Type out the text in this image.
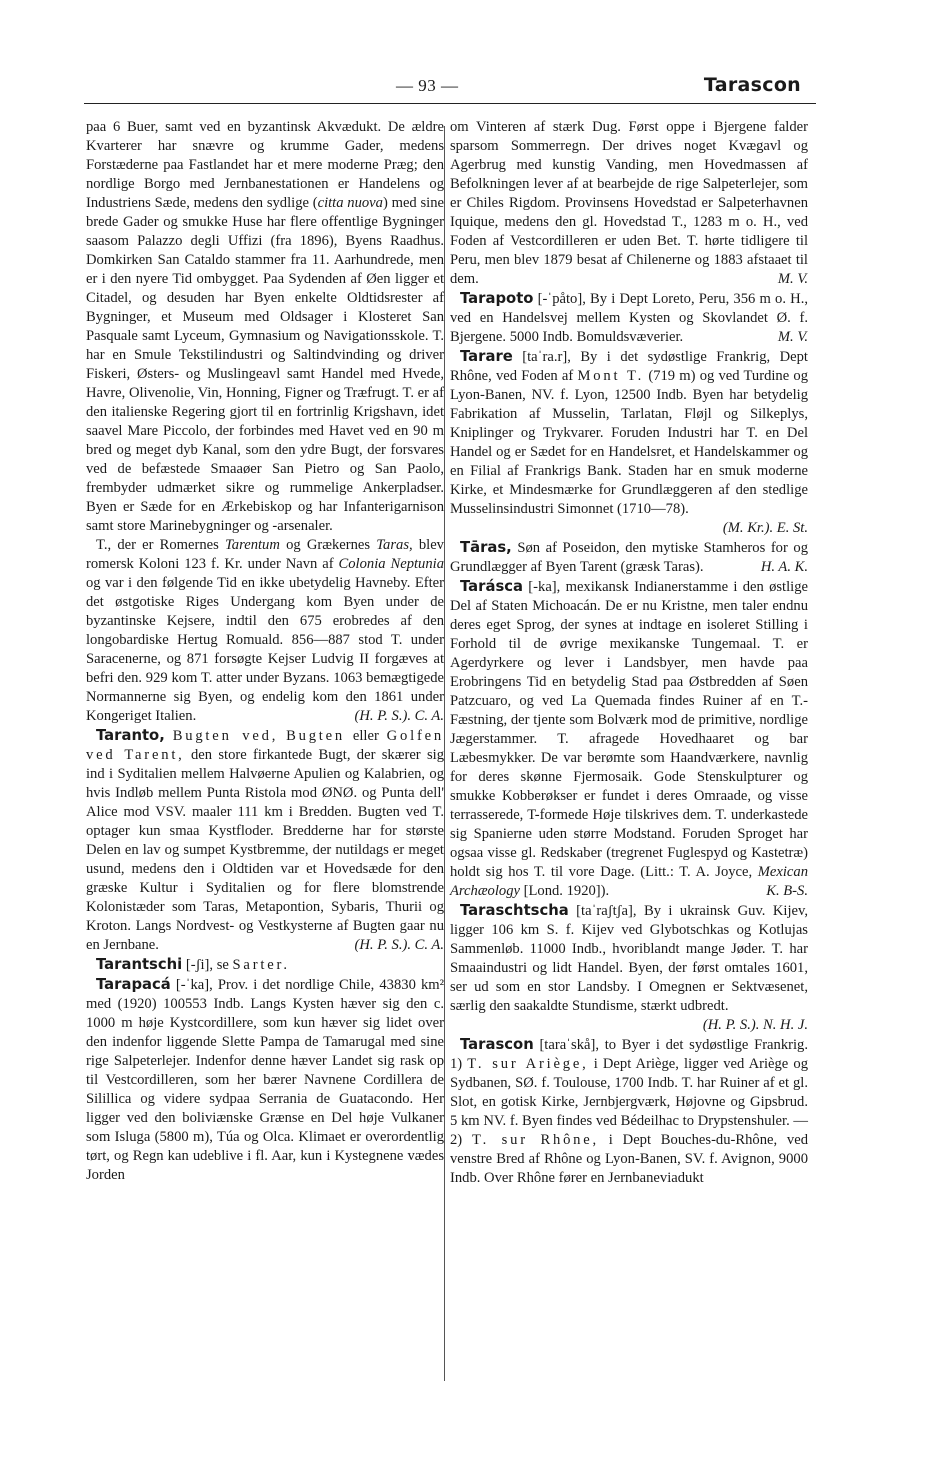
— 93 —	Tarascon

paa 6 Buer, samt ved en byzantinsk Akvædukt. De ældre Kvarterer har snævre og krumme Gader, medens Forstæderne paa Fastlandet har et mere moderne Præg; den nordlige Borgo med Jernbanestationen er Handelens og Industriens Sæde, medens den sydlige (citta nuova) med sine brede Gader og smukke Huse har flere offentlige Bygninger saasom Palazzo degli Uffizi (fra 1896), Byens Raadhus. Domkirken San Cataldo stammer fra 11. Aarhundrede, men er i den nyere Tid ombygget. Paa Sydenden af Øen ligger et Citadel, og desuden har Byen enkelte Oldtidsrester af Bygninger, et Museum med Oldsager i Klosteret San Pasquale samt Lyceum, Gymnasium og Navigationsskole. T. har en Smule Tekstilindustri og Saltindvinding og driver Fiskeri, Østers- og Muslingeavl samt Handel med Hvede, Havre, Olivenolie, Vin, Honning, Figner og Træfrugt. T. er af den italienske Regering gjort til en fortrinlig Krigshavn, idet saavel Mare Piccolo, der forbindes med Havet ved en 90 m bred og meget dyb Kanal, som den ydre Bugt, der forsvares ved de befæstede Smaaøer San Pietro og San Paolo, frembyder udmærket sikre og rummelige Ankerpladser. Byen er Sæde for en Ærkebiskop og har Infanterigarnison samt store Marinebygninger og -arsenaler.

T., der er Romernes Tarentum og Grækernes Taras, blev romersk Koloni 123 f. Kr. under Navn af Colonia Neptunia og var i den følgende Tid en ikke ubetydelig Havneby. Efter det østgotiske Riges Undergang kom Byen under de byzantinske Kejsere, indtil den 675 erobredes af den longobardiske Hertug Romuald. 856—887 stod T. under Saracenerne, og 871 forsøgte Kejser Ludvig II forgæves at befri den. 929 kom T. atter under Byzans. 1063 bemægtigede Normannerne sig Byen, og endelig kom den 1861 under Kongeriget Italien.	(H. P. S.). C. A.

Taranto, Bugten ved, Bugten eller Golfen ved Tarent, den store firkantede Bugt, der skærer sig ind i Syditalien mellem Halvøerne Apulien og Kalabrien, og hvis Indløb mellem Punta Ristola mod ØNØ. og Punta dell' Alice mod VSV. maaler 111 km i Bredden. Bugten ved T. optager kun smaa Kystfloder. Bredderne har for største Delen en lav og sumpet Kystbremme, der nutildags er meget usund, medens den i Oldtiden var et Hovedsæde for den græske Kultur i Syditalien og for flere blomstrende Kolonistæder som Taras, Metapontion, Sybaris, Thurii og Kroton. Langs Nordvest- og Vestkysterne af Bugten gaar nu en Jernbane.	(H. P. S.). C. A.

Tarantschi [-ʃi], se Sarter.

Tarapacá [-ˈka], Prov. i det nordlige Chile, 43830 km² med (1920) 100553 Indb. Langs Kysten hæver sig den c. 1000 m høje Kystcordillere, som kun hæver sig lidet over den indenfor liggende Slette Pampa de Tamarugal med sine rige Salpeterlejer. Indenfor denne hæver Landet sig rask op til Vestcordilleren, som her bærer Navnene Cordillera de Silillica og videre sydpaa Serrania de Guatacondo. Her ligger ved den boliviænske Grænse en Del høje Vulkaner som Isluga (5800 m), Túa og Olca. Klimaet er overordentlig tørt, og Regn kan udeblive i fl. Aar, kun i Kystegnene vædes Jorden

om Vinteren af stærk Dug. Først oppe i Bjergene falder sparsom Sommerregn. Der drives noget Kvægavl og Agerbrug med kunstig Vanding, men Hovedmassen af Befolkningen lever af at bearbejde de rige Salpeterlejer, som er Chiles Rigdom. Provinsens Hovedstad er Salpeterhavnen Iquique, medens den gl. Hovedstad T., 1283 m o. H., ved Foden af Vestcordilleren er uden Bet. T. hørte tidligere til Peru, men blev 1879 besat af Chilenerne og 1883 afstaaet til dem.	M. V.

Tarapoto [-ˈpåto], By i Dept Loreto, Peru, 356 m o. H., ved en Handelsvej mellem Kysten og Skovlandet Ø. f. Bjergene. 5000 Indb. Bomuldsvæverier.	M. V.

Tarare [taˈra.r], By i det sydøstlige Frankrig, Dept Rhône, ved Foden af Mont T. (719 m) og ved Turdine og Lyon-Banen, NV. f. Lyon, 12500 Indb. Byen har betydelig Fabrikation af Musselin, Tarlatan, Fløjl og Silkeplys, Kniplinger og Trykvarer. Foruden Industri har T. en Del Handel og er Sædet for en Handelsret, et Handelskammer og en Filial af Frankrigs Bank. Staden har en smuk moderne Kirke, et Mindesmærke for Grundlæggeren af den stedlige Musselinsindustri Simonnet (1710—78).

(M. Kr.). E. St.

Tāras, Søn af Poseidon, den mytiske Stamheros for og Grundlægger af Byen Tarent (græsk Taras).	H. A. K.

Tarásca [-ka], mexikansk Indianerstamme i den østlige Del af Staten Michoacán. De er nu Kristne, men taler endnu deres eget Sprog, der synes at indtage en isoleret Stilling i Forhold til de øvrige mexikanske Tungemaal. T. er Agerdyrkere og lever i Landsbyer, men havde paa Erobringens Tid en betydelig Stad paa Østbredden af Søen Patzcuaro, og ved La Quemada findes Ruiner af en T.-Fæstning, der tjente som Bolværk mod de primitive, nordlige Jægerstammer. T. afragede Hovedhaaret og bar Læbesmykker. De var berømte som Haandværkere, navnlig for deres skønne Fjermosaik. Gode Stenskulpturer og smukke Kobberøkser er fundet i deres Omraade, og visse terrasserede, T-formede Høje tilskrives dem. T. underkastede sig Spanierne uden større Modstand. Foruden Sproget har ogsaa visse gl. Redskaber (tregrenet Fuglespyd og Kastetræ) holdt sig hos T. til vore Dage. (Litt.: T. A. Joyce, Mexican Archæology [Lond. 1920]).	K. B-S.

Taraschtscha [taˈraʃtʃa], By i ukrainsk Guv. Kijev, ligger 106 km S. f. Kijev ved Glybotschkas og Kotlujas Sammenløb. 11000 Indb., hvoriblandt mange Jøder. T. har Smaaindustri og lidt Handel. Byen, der først omtales 1601, ser ud som en stor Landsby. I Omegnen er Sektvæsenet, særlig den saakaldte Stundisme, stærkt udbredt.
(H. P. S.). N. H. J.

Tarascon [taraˈskå], to Byer i det sydøstlige Frankrig. 1) T. sur Ariège, i Dept Ariège, ligger ved Ariège og Sydbanen, SØ. f. Toulouse, 1700 Indb. T. har Ruiner af et gl. Slot, en gotisk Kirke, Jernbjergværk, Højovne og Gipsbrud. 5 km NV. f. Byen findes ved Bédeilhac to Drypstenshuler. — 2) T. sur Rhône, i Dept Bouches-du-Rhône, ved venstre Bred af Rhône og Lyon-Banen, SV. f. Avignon, 9000 Indb. Over Rhône fører en Jernbaneviadukt
